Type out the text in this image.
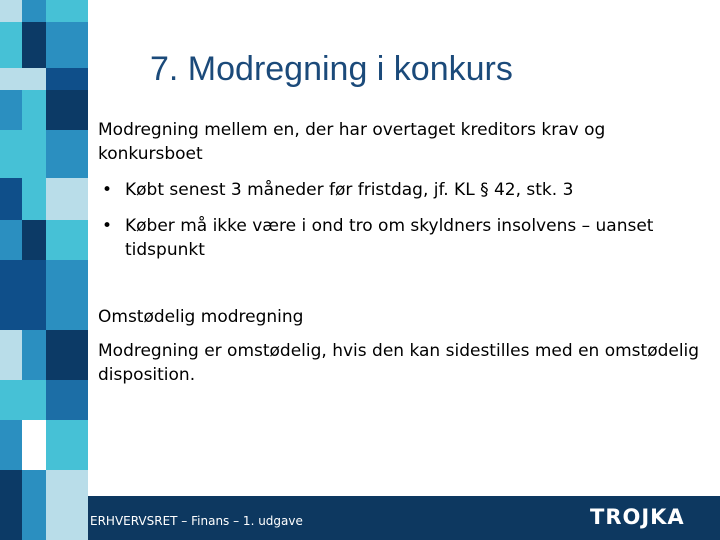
7. Modregning i konkurs

Modregning mellem en, der har overtaget kreditors krav og konkursboet

• Købt senest 3 måneder før fristdag, jf. KL § 42, stk. 3
• Køber må ikke være i ond tro om skyldners insolvens – uanset tidspunkt

Omstødelig modregning

Modregning er omstødelig, hvis den kan sidestilles med en omstødelig disposition.

ERHVERVSRET – Finans – 1. udgave	TROJKA
